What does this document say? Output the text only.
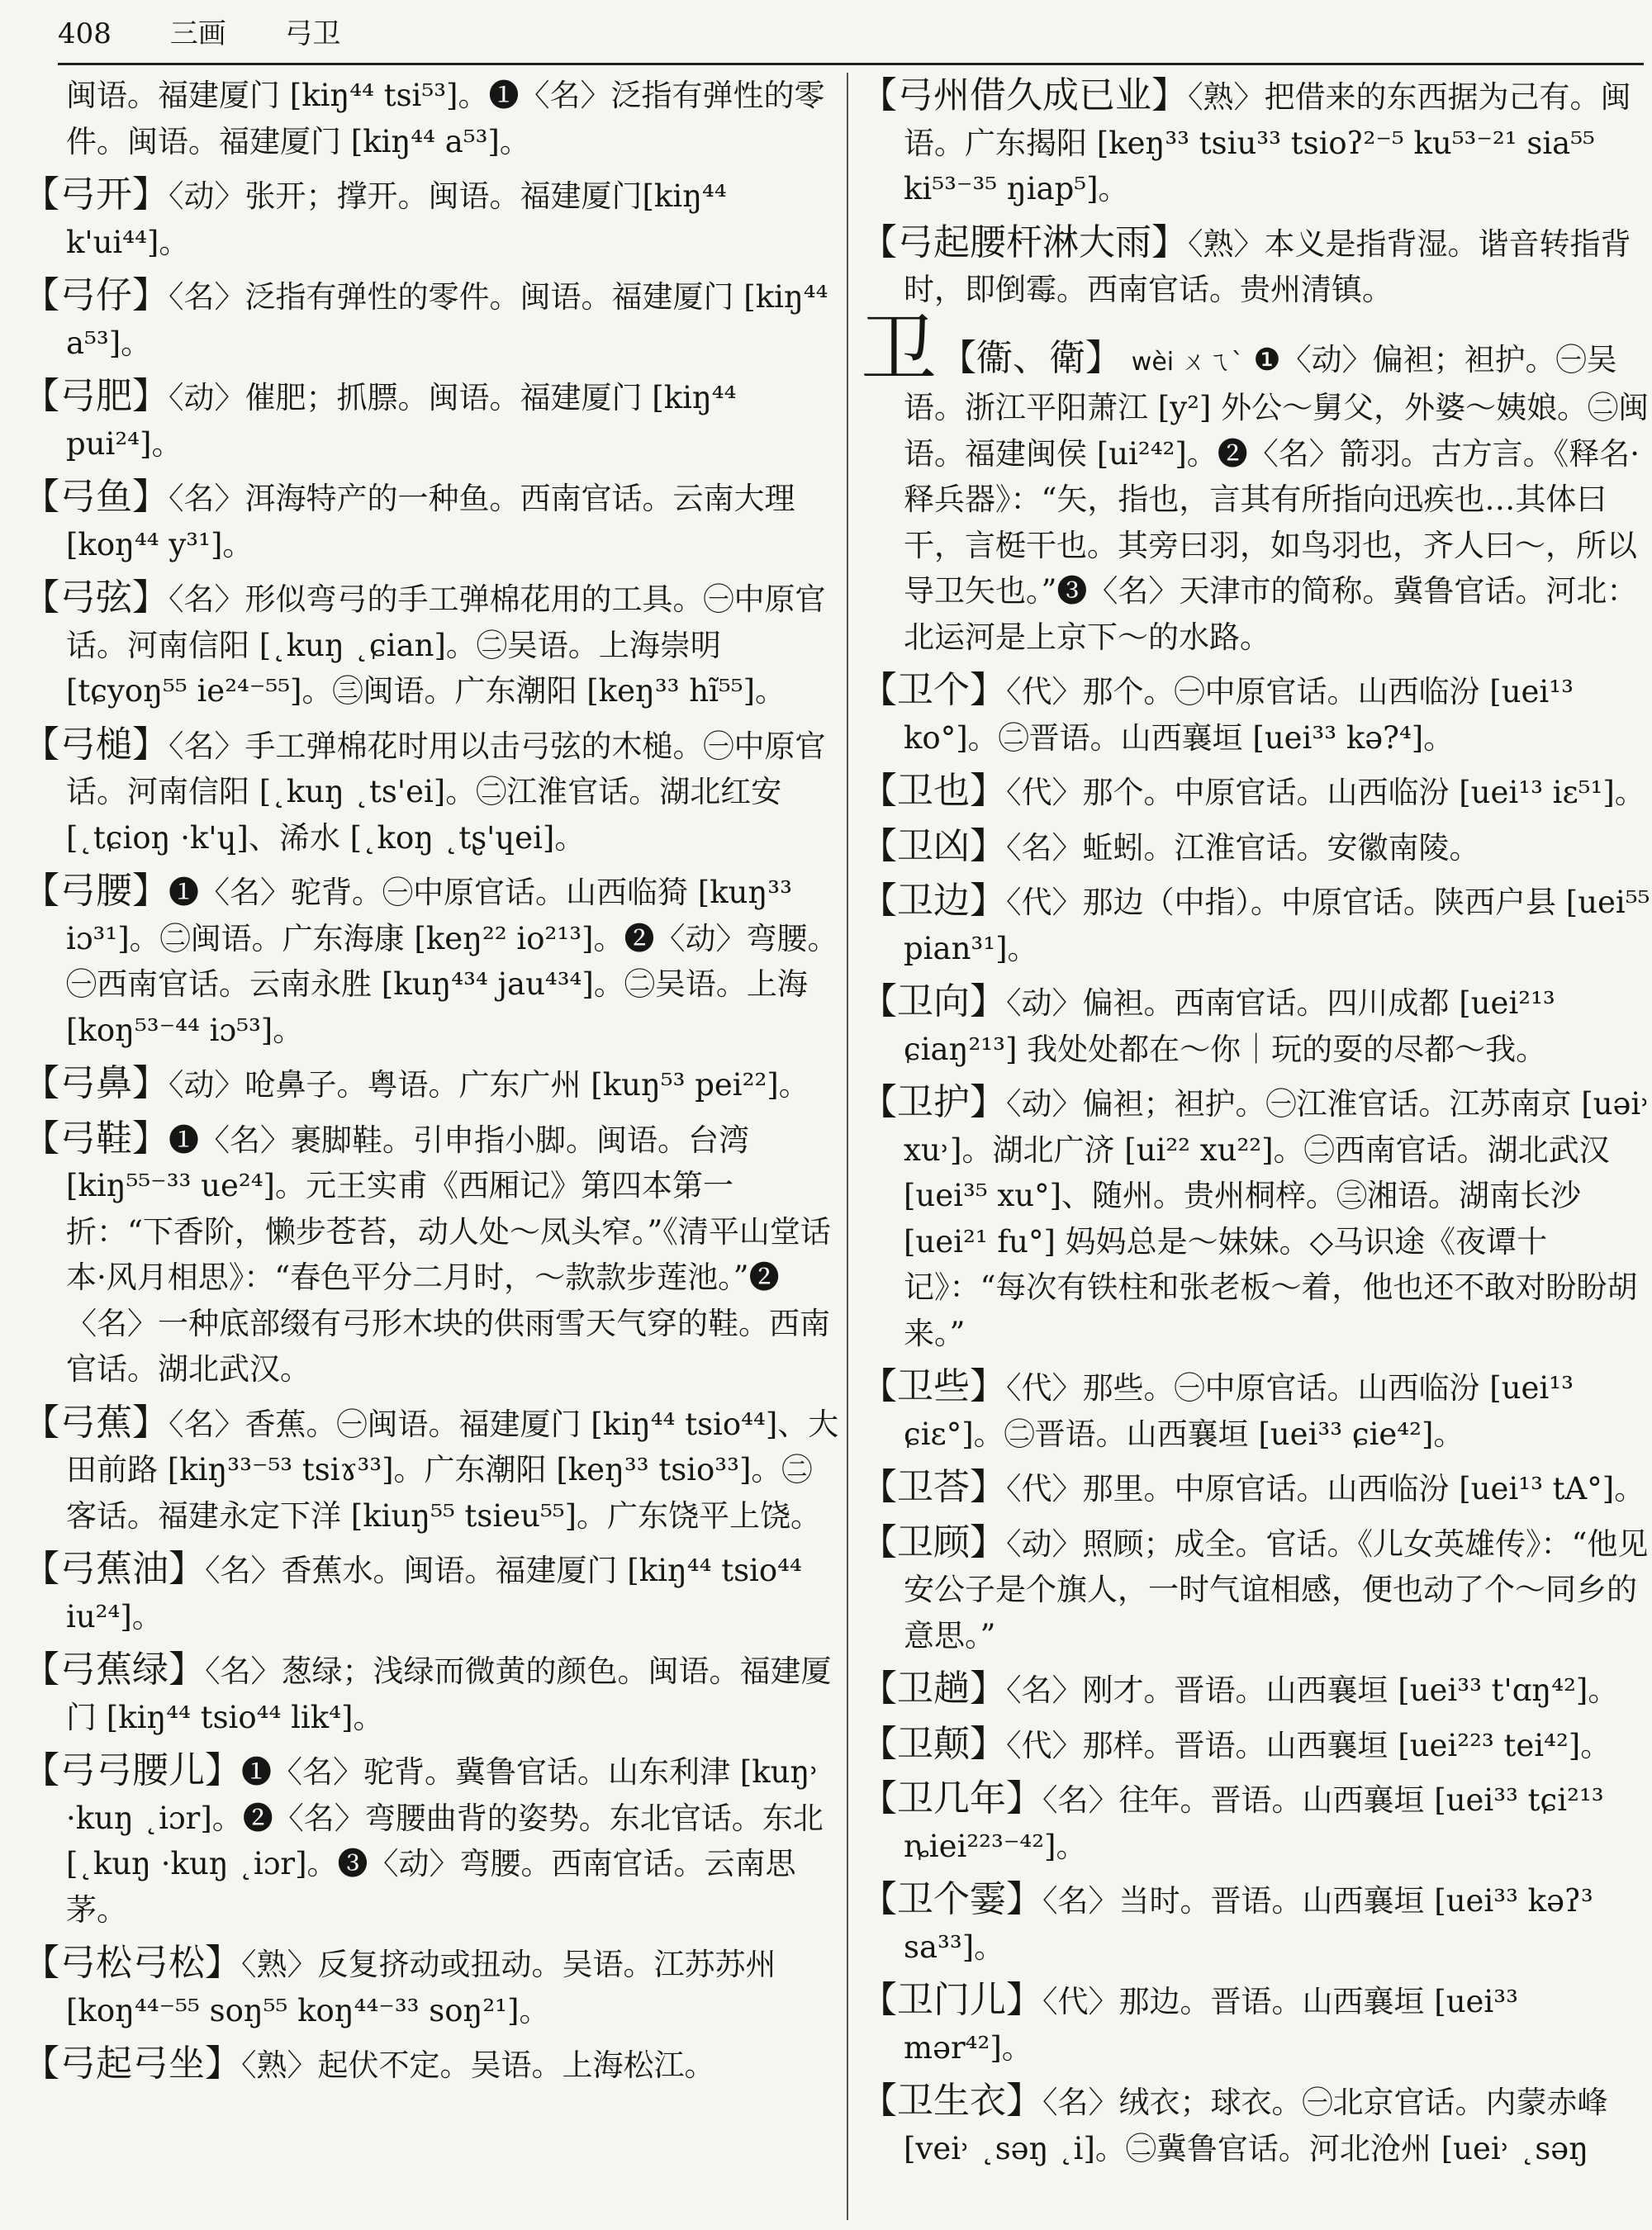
408 三画 弓卫

闽语。福建厦门 [kiŋ⁴⁴ tsi⁵³]。❶〈名〉泛指有弹性的零件。闽语。福建厦门 [kiŋ⁴⁴ a⁵³]。

【弓开】〈动〉张开；撑开。闽语。福建厦门[kiŋ⁴⁴ k'ui⁴⁴]。

【弓仔】〈名〉泛指有弹性的零件。闽语。福建厦门 [kiŋ⁴⁴ a⁵³]。

【弓肥】〈动〉催肥；抓膘。闽语。福建厦门 [kiŋ⁴⁴ pui²⁴]。

【弓鱼】〈名〉洱海特产的一种鱼。西南官话。云南大理 [koŋ⁴⁴ y³¹]。

【弓弦】〈名〉形似弯弓的手工弹棉花用的工具。㊀中原官话。河南信阳 [˛kuŋ ˛ɕian]。㊁吴语。上海崇明 [tɕyoŋ⁵⁵ ie²⁴⁻⁵⁵]。㊂闽语。广东潮阳 [keŋ³³ hĩ⁵⁵]。

【弓槌】〈名〉手工弹棉花时用以击弓弦的木槌。㊀中原官话。河南信阳 [˛kuŋ ˛ts'ei]。㊁江淮官话。湖北红安[˛tɕioŋ ·k'ɥ]、浠水 [˛koŋ ˛tʂ'ɥei]。

【弓腰】❶〈名〉驼背。㊀中原官话。山西临猗 [kuŋ³³ iɔ³¹]。㊁闽语。广东海康 [keŋ²² io²¹³]。❷〈动〉弯腰。㊀西南官话。云南永胜 [kuŋ⁴³⁴ jau⁴³⁴]。㊁吴语。上海 [koŋ⁵³⁻⁴⁴ iɔ⁵³]。

【弓鼻】〈动〉呛鼻子。粤语。广东广州 [kuŋ⁵³ pei²²]。

【弓鞋】❶〈名〉裹脚鞋。引申指小脚。闽语。台湾 [kiŋ⁵⁵⁻³³ ue²⁴]。元王实甫《西厢记》第四本第一折：“下香阶，懒步苍苔，动人处～凤头窄。”《清平山堂话本·风月相思》：“春色平分二月时，～款款步莲池。”❷〈名〉一种底部缀有弓形木块的供雨雪天气穿的鞋。西南官话。湖北武汉。

【弓蕉】〈名〉香蕉。㊀闽语。福建厦门 [kiŋ⁴⁴ tsio⁴⁴]、大田前路 [kiŋ³³⁻⁵³ tsiɤ³³]。广东潮阳 [keŋ³³ tsio³³]。㊁客话。福建永定下洋 [kiuŋ⁵⁵ tsieu⁵⁵]。广东饶平上饶。

【弓蕉油】〈名〉香蕉水。闽语。福建厦门 [kiŋ⁴⁴ tsio⁴⁴ iu²⁴]。

【弓蕉绿】〈名〉葱绿；浅绿而微黄的颜色。闽语。福建厦门 [kiŋ⁴⁴ tsio⁴⁴ lik⁴]。

【弓弓腰儿】❶〈名〉驼背。冀鲁官话。山东利津 [kuŋ˒ ·kuŋ ˛iɔr]。❷〈名〉弯腰曲背的姿势。东北官话。东北 [˛kuŋ ·kuŋ ˛iɔr]。❸〈动〉弯腰。西南官话。云南思茅。

【弓松弓松】〈熟〉反复挤动或扭动。吴语。江苏苏州 [koŋ⁴⁴⁻⁵⁵ soŋ⁵⁵ koŋ⁴⁴⁻³³ soŋ²¹]。

【弓起弓坐】〈熟〉起伏不定。吴语。上海松江。

【弓州借久成已业】〈熟〉把借来的东西据为己有。闽语。广东揭阳 [keŋ³³ tsiu³³ tsioʔ²⁻⁵ ku⁵³⁻²¹ sia⁵⁵ ki⁵³⁻³⁵ ŋiap⁵]。

【弓起腰杆淋大雨】〈熟〉本义是指背湿。谐音转指背时，即倒霉。西南官话。贵州清镇。

卫【衞、衛】 wèi ㄨㄟˋ ❶〈动〉偏袒；袒护。㊀吴语。浙江平阳萧江 [y²] 外公～舅父，外婆～姨娘。㊁闽语。福建闽侯 [ui²⁴²]。❷〈名〉箭羽。古方言。《释名·释兵器》：“矢，指也，言其有所指向迅疾也…其体曰干，言梃干也。其旁曰羽，如鸟羽也，齐人曰～，所以导卫矢也。”❸〈名〉天津市的简称。冀鲁官话。河北：北运河是上京下～的水路。

【卫个】〈代〉那个。㊀中原官话。山西临汾 [uei¹³ ko°]。㊁晋语。山西襄垣 [uei³³ kə?⁴]。

【卫也】〈代〉那个。中原官话。山西临汾 [uei¹³ iɛ⁵¹]。

【卫凶】〈名〉蚯蚓。江淮官话。安徽南陵。

【卫边】〈代〉那边（中指）。中原官话。陕西户县 [uei⁵⁵ pian³¹]。

【卫向】〈动〉偏袒。西南官话。四川成都 [uei²¹³ ɕiaŋ²¹³] 我处处都在～你｜玩的耍的尽都～我。

【卫护】〈动〉偏袒；袒护。㊀江淮官话。江苏南京 [uəi˒ xu˒]。湖北广济 [ui²² xu²²]。㊁西南官话。湖北武汉 [uei³⁵ xu°]、随州。贵州桐梓。㊂湘语。湖南长沙 [uei²¹ fu°] 妈妈总是～妹妹。◇马识途《夜谭十记》：“每次有铁柱和张老板～着，他也还不敢对盼盼胡来。”

【卫些】〈代〉那些。㊀中原官话。山西临汾 [uei¹³ ɕiɛ°]。㊁晋语。山西襄垣 [uei³³ ɕie⁴²]。

【卫荅】〈代〉那里。中原官话。山西临汾 [uei¹³ tA°]。

【卫顾】〈动〉照顾；成全。官话。《儿女英雄传》：“他见安公子是个旗人，一时气谊相感，便也动了个～同乡的意思。”

【卫趟】〈名〉刚才。晋语。山西襄垣 [uei³³ t'ɑŋ⁴²]。

【卫颠】〈代〉那样。晋语。山西襄垣 [uei²²³ tei⁴²]。

【卫几年】〈名〉往年。晋语。山西襄垣 [uei³³ tɕi²¹³ ȵiei²²³⁻⁴²]。

【卫个霎】〈名〉当时。晋语。山西襄垣 [uei³³ kəʔ³ sa³³]。

【卫门儿】〈代〉那边。晋语。山西襄垣 [uei³³ mər⁴²]。

【卫生衣】〈名〉绒衣；球衣。㊀北京官话。内蒙赤峰 [vei˒ ˛səŋ ˛i]。㊁冀鲁官话。河北沧州 [uei˒ ˛səŋ
